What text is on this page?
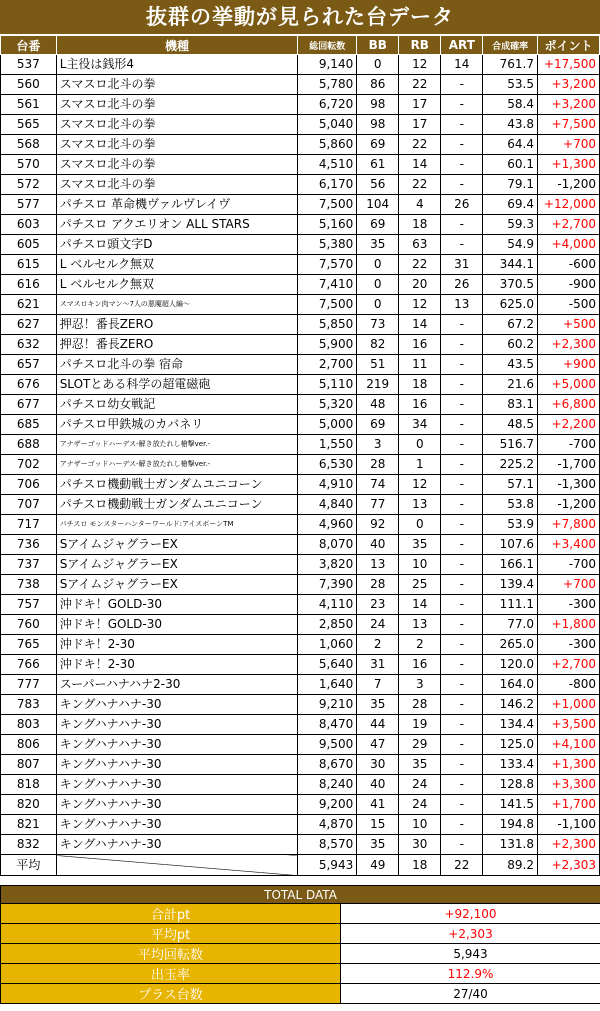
抜群の挙動が見られた台データ
台番	機種	総回転数	BB	RB	ART	合成確率	ポイント
537	L主役は銭形4	9,140	0	12	14	761.7	+17,500
560	スマスロ北斗の拳	5,780	86	22	-	53.5	+3,200
561	スマスロ北斗の拳	6,720	98	17	-	58.4	+3,200
565	スマスロ北斗の拳	5,040	98	17	-	43.8	+7,500
568	スマスロ北斗の拳	5,860	69	22	-	64.4	+700
570	スマスロ北斗の拳	4,510	61	14	-	60.1	+1,300
572	スマスロ北斗の拳	6,170	56	22	-	79.1	-1,200
577	パチスロ 革命機ヴァルヴレイヴ	7,500	104	4	26	69.4	+12,000
603	パチスロ アクエリオン ALL STARS	5,160	69	18	-	59.3	+2,700
605	パチスロ頭文字D	5,380	35	63	-	54.9	+4,000
615	L ベルセルク無双	7,570	0	22	31	344.1	-600
616	L ベルセルク無双	7,410	0	20	26	370.5	-900
621	スマスロキン肉マン〜7人の悪魔超人編〜	7,500	0	12	13	625.0	-500
627	押忍！番長ZERO	5,850	73	14	-	67.2	+500
632	押忍！番長ZERO	5,900	82	16	-	60.2	+2,300
657	パチスロ北斗の拳 宿命	2,700	51	11	-	43.5	+900
676	SLOTとある科学の超電磁砲	5,110	219	18	-	21.6	+5,000
677	パチスロ幼女戦記	5,320	48	16	-	83.1	+6,800
685	パチスロ甲鉄城のカバネリ	5,000	69	34	-	48.5	+2,200
688	アナザーゴッドハーデス-解き放たれし槍撃ver.-	1,550	3	0	-	516.7	-700
702	アナザーゴッドハーデス-解き放たれし槍撃ver.-	6,530	28	1	-	225.2	-1,700
706	パチスロ機動戦士ガンダムユニコーン	4,910	74	12	-	57.1	-1,300
707	パチスロ機動戦士ガンダムユニコーン	4,840	77	13	-	53.8	-1,200
717	パチスロ モンスターハンターワールド:アイスボーンTM	4,960	92	0	-	53.9	+7,800
736	SアイムジャグラーEX	8,070	40	35	-	107.6	+3,400
737	SアイムジャグラーEX	3,820	13	10	-	166.1	-700
738	SアイムジャグラーEX	7,390	28	25	-	139.4	+700
757	沖ドキ！GOLD-30	4,110	23	14	-	111.1	-300
760	沖ドキ！GOLD-30	2,850	24	13	-	77.0	+1,800
765	沖ドキ！2-30	1,060	2	2	-	265.0	-300
766	沖ドキ！2-30	5,640	31	16	-	120.0	+2,700
777	スーパーハナハナ2-30	1,640	7	3	-	164.0	-800
783	キングハナハナ-30	9,210	35	28	-	146.2	+1,000
803	キングハナハナ-30	8,470	44	19	-	134.4	+3,500
806	キングハナハナ-30	9,500	47	29	-	125.0	+4,100
807	キングハナハナ-30	8,670	30	35	-	133.4	+1,300
818	キングハナハナ-30	8,240	40	24	-	128.8	+3,300
820	キングハナハナ-30	9,200	41	24	-	141.5	+1,700
821	キングハナハナ-30	4,870	15	10	-	194.8	-1,100
832	キングハナハナ-30	8,570	35	30	-	131.8	+2,300
平均		5,943	49	18	22	89.2	+2,303
TOTAL DATA	
合計pt	+92,100
平均pt	+2,303
平均回転数	5,943
出玉率	112.9%
プラス台数	27/40
